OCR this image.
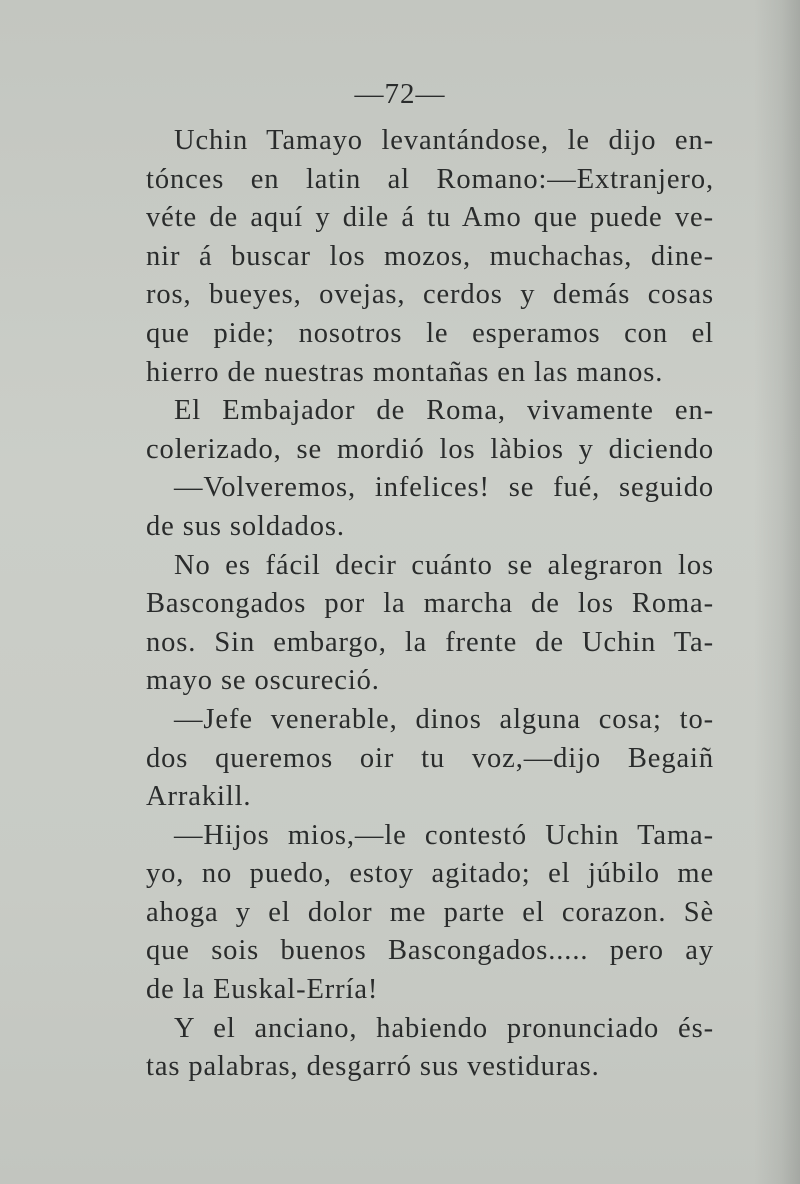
—72—
Uchin Tamayo levantándose, le dijo en-
tónces en latin al Romano:—Extranjero,
véte de aquí y dile á tu Amo que puede ve-
nir á buscar los mozos, muchachas, dine-
ros, bueyes, ovejas, cerdos y demás cosas
que pide; nosotros le esperamos con el
hierro de nuestras montañas en las manos.
El Embajador de Roma, vivamente en-
colerizado, se mordió los làbios y diciendo
—Volveremos, infelices! se fué, seguido
de sus soldados.
No es fácil decir cuánto se alegraron los
Bascongados por la marcha de los Roma-
nos. Sin embargo, la frente de Uchin Ta-
mayo se oscureció.
—Jefe venerable, dinos alguna cosa; to-
dos queremos oir tu voz,—dijo Begaiñ
Arrakill.
—Hijos mios,—le contestó Uchin Tama-
yo, no puedo, estoy agitado; el júbilo me
ahoga y el dolor me parte el corazon. Sè
que sois buenos Bascongados..... pero ay
de la Euskal-Erría!
Y el anciano, habiendo pronunciado és-
tas palabras, desgarró sus vestiduras.
